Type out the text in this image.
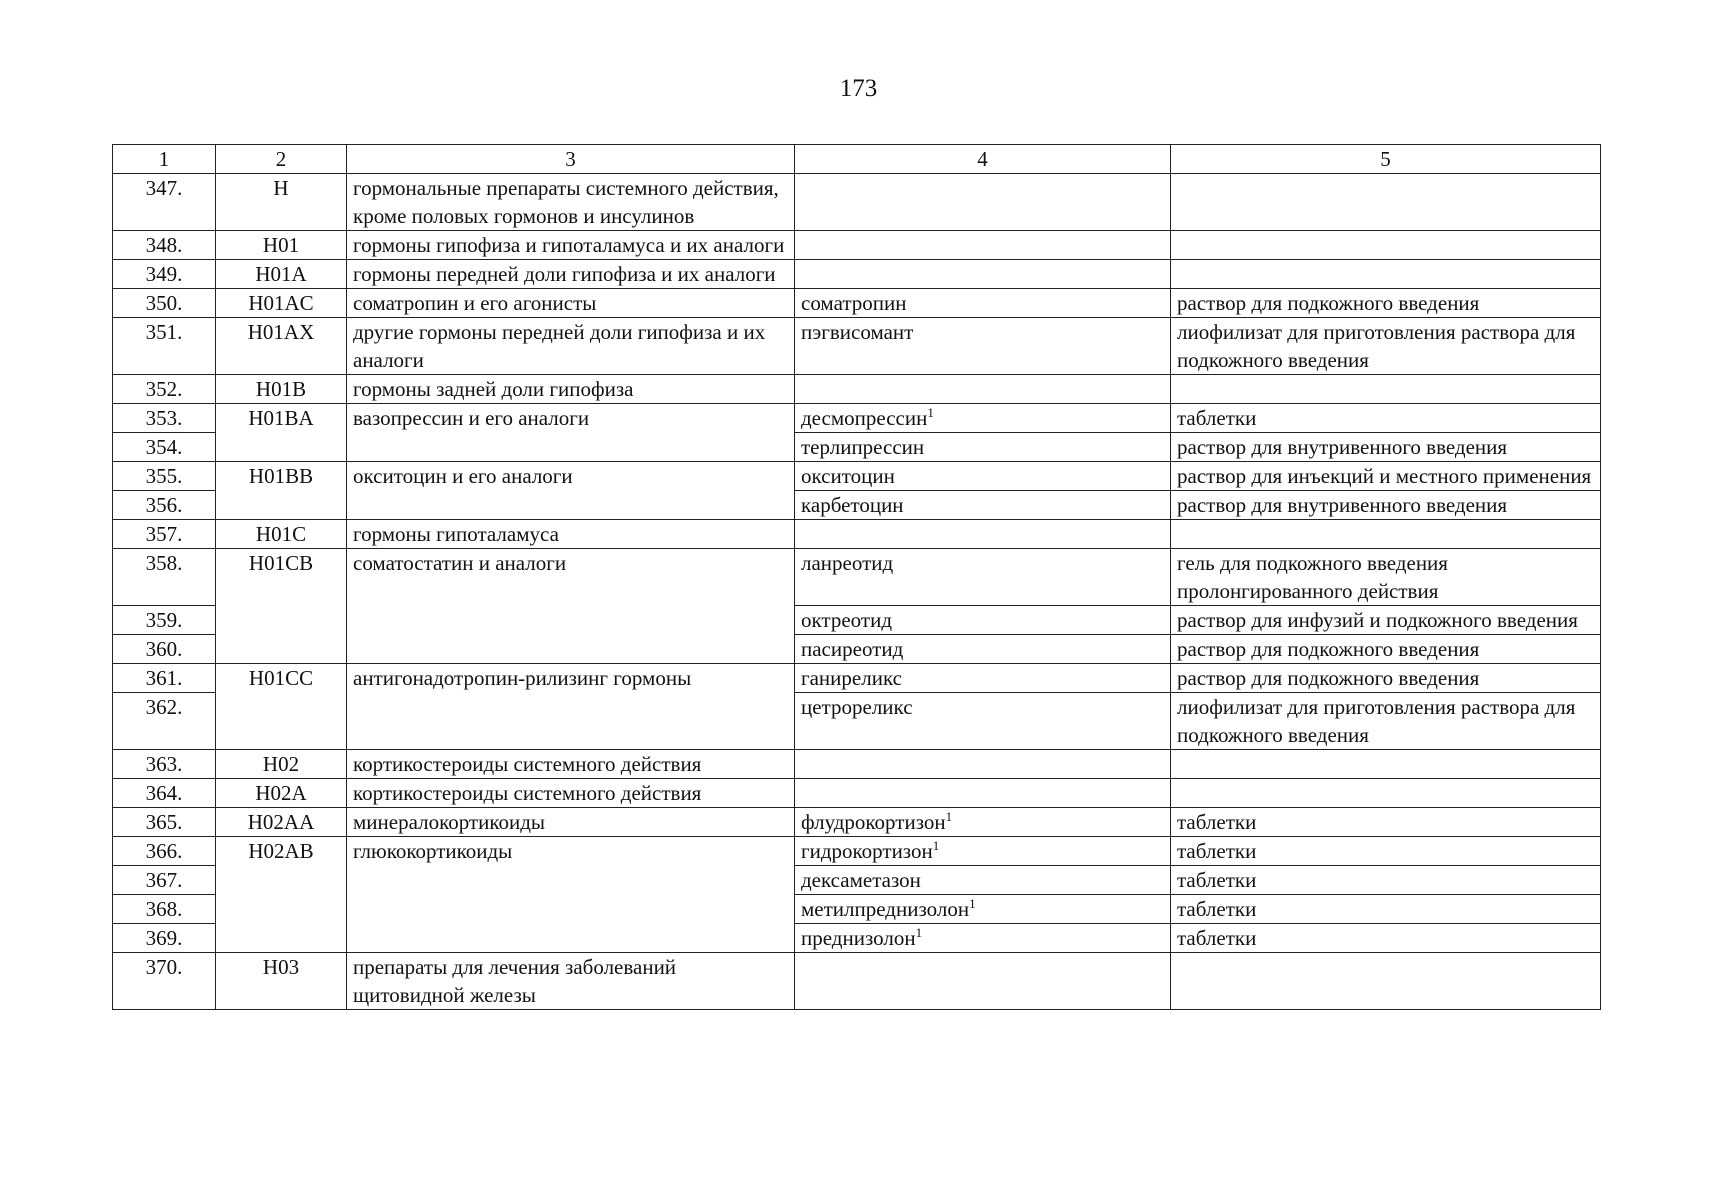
173
1	2	3	4	5
347.	H	гормональные препараты системного действия, кроме половых гормонов и инсулинов		
348.	H01	гормоны гипофиза и гипоталамуса и их аналоги		
349.	H01A	гормоны передней доли гипофиза и их аналоги		
350.	H01AC	соматропин и его агонисты	соматропин	раствор для подкожного введения
351.	H01AX	другие гормоны передней доли гипофиза и их аналоги	пэгвисомант	лиофилизат для приготовления раствора для подкожного введения
352.	H01B	гормоны задней доли гипофиза		
353.	H01BA	вазопрессин и его аналоги	десмопрессин$^1$	таблетки
354.			терлипрессин	раствор для внутривенного введения
355.	H01BB	окситоцин и его аналоги	окситоцин	раствор для инъекций и местного применения
356.			карбетоцин	раствор для внутривенного введения
357.	H01C	гормоны гипоталамуса		
358.	H01CB	соматостатин и аналоги	ланреотид	гель для подкожного введения пролонгированного действия
359.			октреотид	раствор для инфузий и подкожного введения
360.			пасиреотид	раствор для подкожного введения
361.	H01CC	антигонадотропин-рилизинг гормоны	ганиреликс	раствор для подкожного введения
362.			цетрореликс	лиофилизат для приготовления раствора для подкожного введения
363.	H02	кортикостероиды системного действия		
364.	H02A	кортикостероиды системного действия		
365.	H02AA	минералокортикоиды	флудрокортизон$^1$	таблетки
366.	H02AB	глюкокортикоиды	гидрокортизон$^1$	таблетки
367.			дексаметазон	таблетки
368.			метилпреднизолон$^1$	таблетки
369.			преднизолон$^1$	таблетки
370.	H03	препараты для лечения заболеваний щитовидной железы		
